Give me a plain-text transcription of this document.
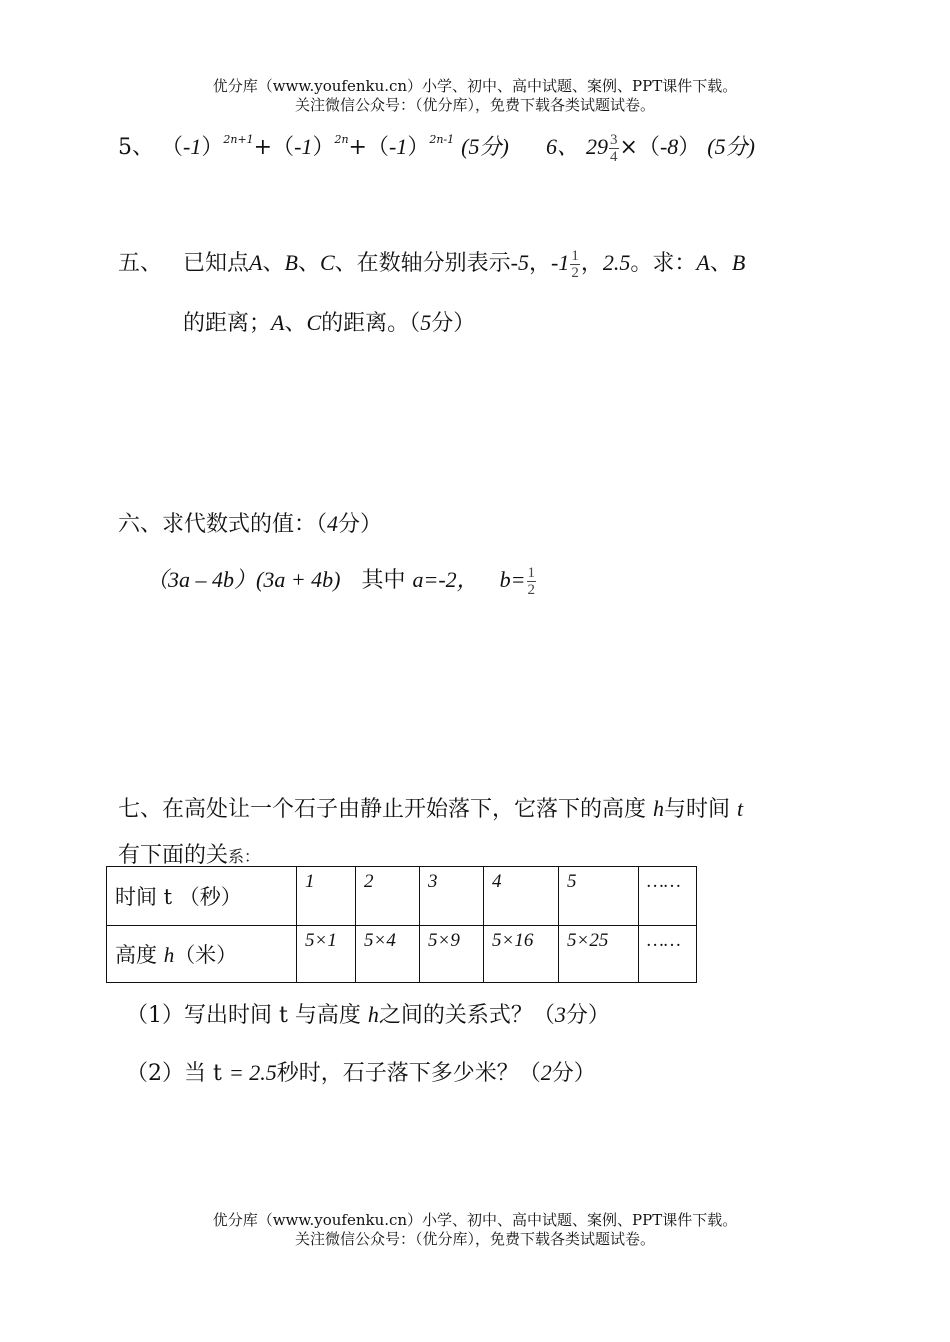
优分库（www.youfenku.cn）小学、初中、高中试题、案例、PPT课件下载。
关注微信公众号：（优分库），免费下载各类试题试卷。
5、 $(-1)^{2n+1}+(-1)^{2n}+(-1)^{2n-1}$ (5分) 6、 $29 \frac{3}{4} \times(-8)$ (5分)
五、 已知点A、B、C、在数轴分别表示-5，$-1 \frac{1}{2}$ ，2.5。求：A、B
的距离；A、C的距离。（5分）
六、求代数式的值：（4分）
（3a – 4b）(3a + 4b) 其中 a=-2， $b= \frac{1}{2}$
七、在高处让一个石子由静止开始落下，它落下的高度 h与时间 t
有下面的关系：
时间 t （秒）	1	2	3	4	5	……
高度 h（米）	5×1	5×4	5×9	5×16	5×25	……
（1）写出时间 t 与高度 h之间的关系式？（3分）
（2）当 t = 2.5秒时，石子落下多少米？（2分）
优分库（www.youfenku.cn）小学、初中、高中试题、案例、PPT课件下载。
关注微信公众号：（优分库），免费下载各类试题试卷。
